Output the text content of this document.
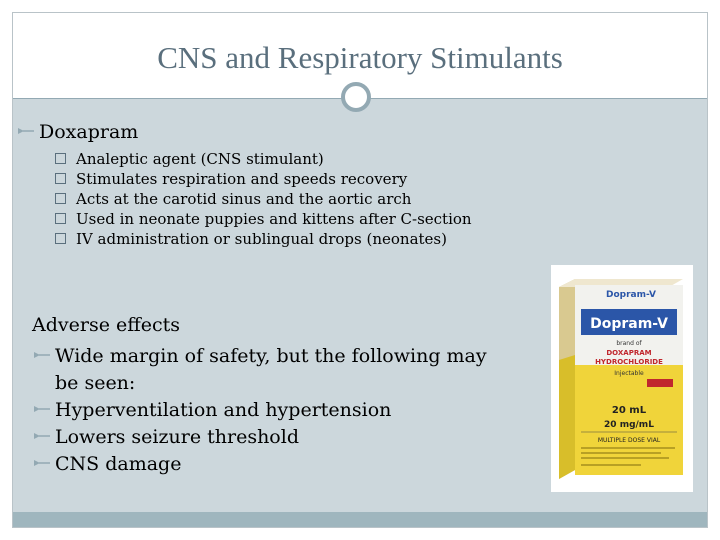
CNS and Respiratory Stimulants
Doxapram
Analeptic agent (CNS stimulant)
Stimulates respiration and speeds recovery
Acts at the carotid sinus and the aortic arch
Used in neonate puppies and kittens after C-section
IV administration or sublingual drops (neonates)
Adverse effects
Wide margin of safety, but the following may
be seen:
Hyperventilation and hypertension
Lowers seizure threshold
CNS damage
Dopram-V
Dopram-V
brand of
DOXAPRAM
HYDROCHLORIDE
Injectable
20 mL
20 mg/mL
MULTIPLE DOSE VIAL
